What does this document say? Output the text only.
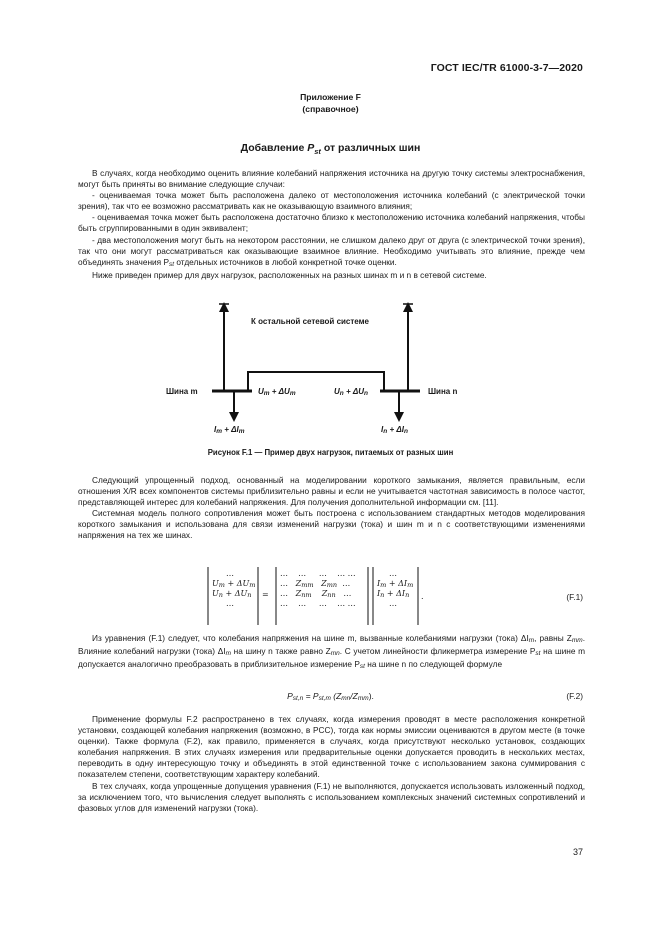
ГОСТ IEC/TR 61000-3-7—2020
Приложение F
(справочное)
Добавление $P_{st}$ от различных шин

В случаях, когда необходимо оценить влияние колебаний напряжения источника на другую точку системы электроснабжения, могут быть приняты во внимание следующие случаи:

- оцениваемая точка может быть расположена далеко от местоположения источника колебаний (с электрической точки зрения), так что ее возможно рассматривать как не оказывающую взаимного влияния;

- оцениваемая точка может быть расположена достаточно близко к местоположению источника колебаний напряжения, чтобы быть сгруппированными в один эквивалент;

- два местоположения могут быть на некотором расстоянии, не слишком далеко друг от друга (с электрической точки зрения), так что они могут рассматриваться как оказывающие взаимное влияние. Необходимо учитывать это влияние, прежде чем объединять значения Pst отдельных источников в любой конкретной точке оценки.

Ниже приведен пример для двух нагрузок, расположенных на разных шинах m и n в сетевой системе.

К остальной сетевой системе
Шина m	Шина n
Um + ΔUm	Un + ΔUn
Im + ΔIm	In + ΔIn
Рисунок F.1 — Пример двух нагрузок, питаемых от разных шин

Следующий упрощенный подход, основанный на моделировании короткого замыкания, является правильным, если отношения X/R всех компонентов системы приблизительно равны и если не учитывается частотная зависимость в полосе частот, представляющей интерес для колебаний напряжения. Для получения дополнительной информации см. [11].

Системная модель полного сопротивления может быть построена с использованием стандартных методов моделирования короткого замыкания и использована для связи изменений нагрузки (тока) и шин m и n с соответствующими изменениями напряжения на тех же шинах.

…
Um + ΔUm
Un + ΔUn
…
=
… … … … …
… Zmm Zmn …
… Znm Znn …
… … … … …
…
Im + ΔIm
In + ΔIn
…
.	(F.1)

Из уравнения (F.1) следует, что колебания напряжения на шине m, вызванные колебаниями нагрузки (тока) ΔIm, равны Zmm. Влияние колебаний нагрузки (тока) ΔIm на шину n также равно Zmn. С учетом линейности фликерметра измерение Pst на шине m допускается аналогично преобразовать в приблизительное измерение Pst на шине n по следующей формуле

Pst,n = Pst,m (Zmn/Zmm).	(F.2)

Применение формулы F.2 распространено в тех случаях, когда измерения проводят в месте расположения конкретной установки, создающей колебания напряжения (возможно, в PCC), тогда как нормы эмиссии оцениваются в другом месте (в точке оценки). Также формула (F.2), как правило, применяется в случаях, когда присутствуют несколько установок, создающих колебания напряжения. В этих случаях измерения или предварительные оценки допускается проводить в нескольких местах, переводить в одну интересующую точку и объединять в этой единственной точке с использованием закона суммирования с показателем степени, соответствующим характеру колебаний.

В тех случаях, когда упрощенные допущения уравнения (F.1) не выполняются, допускается использовать изложенный подход, за исключением того, что вычисления следует выполнять с использованием комплексных значений системных сопротивлений и фазовых углов для изменений нагрузки (тока).

37
